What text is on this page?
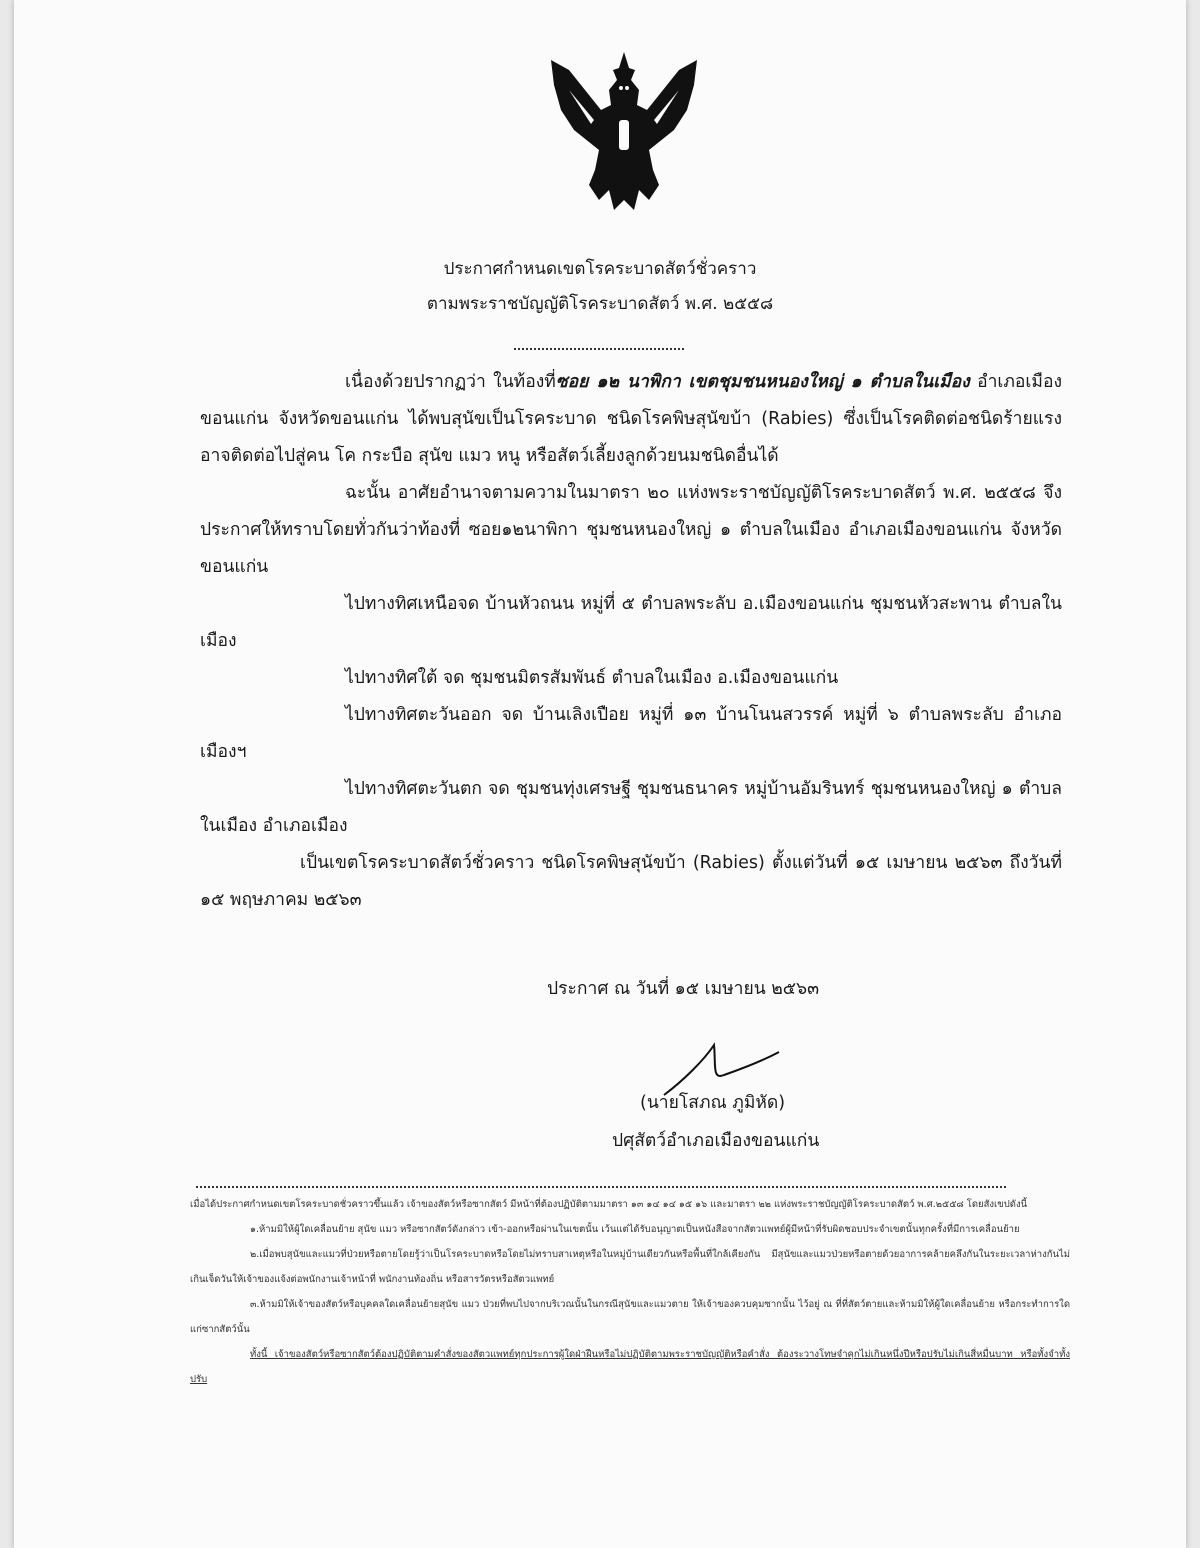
ประกาศกำหนดเขตโรคระบาดสัตว์ชั่วคราว
ตามพระราชบัญญัติโรคระบาดสัตว์ พ.ศ. ๒๕๕๘

เนื่องด้วยปรากฏว่า ในท้องที่ซอย ๑๒ นาพิกา เขตชุมชนหนองใหญ่ ๑ ตำบลในเมือง อำเภอเมืองขอนแก่น จังหวัดขอนแก่น ได้พบสุนัขเป็นโรคระบาด ชนิดโรคพิษสุนัขบ้า (Rabies) ซึ่งเป็นโรคติดต่อชนิดร้ายแรง อาจติดต่อไปสู่คน โค กระบือ สุนัข แมว หนู หรือสัตว์เลี้ยงลูกด้วยนมชนิดอื่นได้

ฉะนั้น อาศัยอำนาจตามความในมาตรา ๒๐ แห่งพระราชบัญญัติโรคระบาดสัตว์ พ.ศ. ๒๕๕๘ จึงประกาศให้ทราบโดยทั่วกันว่าท้องที่ ซอย๑๒นาพิกา ชุมชนหนองใหญ่ ๑ ตำบลในเมือง อำเภอเมืองขอนแก่น จังหวัดขอนแก่น

ไปทางทิศเหนือจด บ้านหัวถนน หมู่ที่ ๕ ตำบลพระลับ อ.เมืองขอนแก่น ชุมชนหัวสะพาน ตำบลในเมือง

ไปทางทิศใต้ จด ชุมชนมิตรสัมพันธ์ ตำบลในเมือง อ.เมืองขอนแก่น

ไปทางทิศตะวันออก จด บ้านเลิงเปือย หมู่ที่ ๑๓ บ้านโนนสวรรค์ หมู่ที่ ๖ ตำบลพระลับ อำเภอเมืองฯ

ไปทางทิศตะวันตก จด ชุมชนทุ่งเศรษฐี ชุมชนธนาคร หมู่บ้านอัมรินทร์ ชุมชนหนองใหญ่ ๑ ตำบลในเมือง อำเภอเมือง

เป็นเขตโรคระบาดสัตว์ชั่วคราว ชนิดโรคพิษสุนัขบ้า (Rabies) ตั้งแต่วันที่ ๑๕ เมษายน ๒๕๖๓ ถึงวันที่ ๑๕ พฤษภาคม ๒๕๖๓

ประกาศ ณ วันที่ ๑๕ เมษายน ๒๕๖๓
(นายโสภณ ภูมิหัด)
ปศุสัตว์อำเภอเมืองขอนแก่น

เมื่อได้ประกาศกำหนดเขตโรคระบาดชั่วคราวขึ้นแล้ว เจ้าของสัตว์หรือซากสัตว์ มีหน้าที่ต้องปฏิบัติตามมาตรา ๑๓ ๑๔ ๑๔ ๑๕ ๑๖ และมาตรา ๒๒ แห่งพระราชบัญญัติโรคระบาดสัตว์ พ.ศ.๒๕๕๘ โดยสังเขปดังนี้

๑.ห้ามมิให้ผู้ใดเคลื่อนย้าย สุนัข แมว หรือซากสัตว์ดังกล่าว เข้า-ออกหรือผ่านในเขตนั้น เว้นแต่ได้รับอนุญาตเป็นหนังสือจากสัตวแพทย์ผู้มีหน้าที่รับผิดชอบประจำเขตนั้นทุกครั้งที่มีการเคลื่อนย้าย

๒.เมื่อพบสุนัขและแมวที่ป่วยหรือตายโดยรู้ว่าเป็นโรคระบาดหรือโดยไม่ทราบสาเหตุหรือในหมู่บ้านเดียวกันหรือพื้นที่ใกล้เคียงกัน มีสุนัขและแมวป่วยหรือตายด้วยอาการคล้ายคลึงกันในระยะเวลาห่างกันไม่เกินเจ็ดวันให้เจ้าของแจ้งต่อพนักงานเจ้าหน้าที่ พนักงานท้องถิ่น หรือสารวัตรหรือสัตวแพทย์

๓.ห้ามมิให้เจ้าของสัตว์หรือบุคคลใดเคลื่อนย้ายสุนัข แมว ป่วยที่พบไปจากบริเวณนั้นในกรณีสุนัขและแมวตาย ให้เจ้าของควบคุมซากนั้น ไว้อยู่ ณ ที่ที่สัตว์ตายและห้ามมิให้ผู้ใดเคลื่อนย้าย หรือกระทำการใดแก่ซากสัตว์นั้น

ทั้งนี้ เจ้าของสัตว์หรือซากสัตว์ต้องปฏิบัติตามคำสั่งของสัตวแพทย์ทุกประการผู้ใดฝ่าฝืนหรือไม่ปฏิบัติตามพระราชบัญญัติหรือคำสั่ง ต้องระวางโทษจำคุกไม่เกินหนึ่งปีหรือปรับไม่เกินสี่หมื่นบาท หรือทั้งจำทั้งปรับ
